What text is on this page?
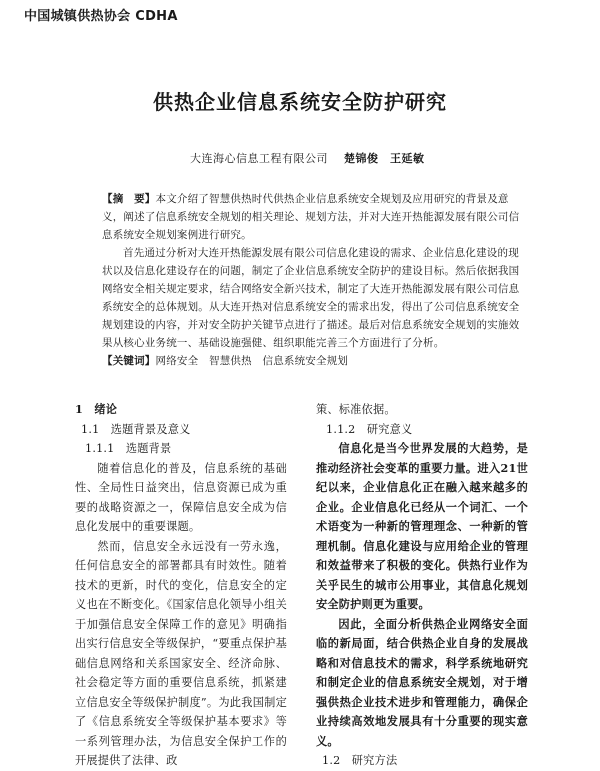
中国城镇供热协会 CDHA
供热企业信息系统安全防护研究
大连海心信息工程有限公司 楚锦俊　王延敏

【摘　要】本文介绍了智慧供热时代供热企业信息系统安全规划及应用研究的背景及意义，阐述了信息系统安全规划的相关理论、规划方法，并对大连开热能源发展有限公司信息系统安全规划案例进行研究。

首先通过分析对大连开热能源发展有限公司信息化建设的需求、企业信息化建设的现状以及信息化建设存在的问题，制定了企业信息系统安全防护的建设目标。然后依据我国网络安全相关规定要求，结合网络安全新兴技术，制定了大连开热能源发展有限公司信息系统安全的总体规划。从大连开热对信息系统安全的需求出发，得出了公司信息系统安全规划建设的内容，并对安全防护关键节点进行了描述。最后对信息系统安全规划的实施效果从核心业务统一、基础设施强健、组织职能完善三个方面进行了分析。

【关键词】网络安全　智慧供热　信息系统安全规划

1　绪论

1.1　选题背景及意义

1.1.1　选题背景

随着信息化的普及，信息系统的基础性、全局性日益突出，信息资源已成为重要的战略资源之一，保障信息安全成为信息化发展中的重要课题。

然而，信息安全永远没有一劳永逸，任何信息安全的部署都具有时效性。随着技术的更新，时代的变化，信息安全的定义也在不断变化。《国家信息化领导小组关于加强信息安全保障工作的意见》明确指出实行信息安全等级保护，“要重点保护基础信息网络和关系国家安全、经济命脉、社会稳定等方面的重要信息系统，抓紧建立信息安全等级保护制度”。为此我国制定了《信息系统安全等级保护基本要求》等一系列管理办法，为信息安全保护工作的开展提供了法律、政

策、标准依据。

1.1.2　研究意义

信息化是当今世界发展的大趋势，是推动经济社会变革的重要力量。进入21世纪以来，企业信息化正在融入越来越多的企业。企业信息化已经从一个词汇、一个术语变为一种新的管理理念、一种新的管理机制。信息化建设与应用给企业的管理和效益带来了积极的变化。供热行业作为关乎民生的城市公用事业，其信息化规划安全防护则更为重要。

因此，全面分析供热企业网络安全面临的新局面，结合供热企业自身的发展战略和对信息技术的需求，科学系统地研究和制定企业的信息系统安全规划，对于增强供热企业技术进步和管理能力，确保企业持续高效地发展具有十分重要的现实意义。

1.2　研究方法
